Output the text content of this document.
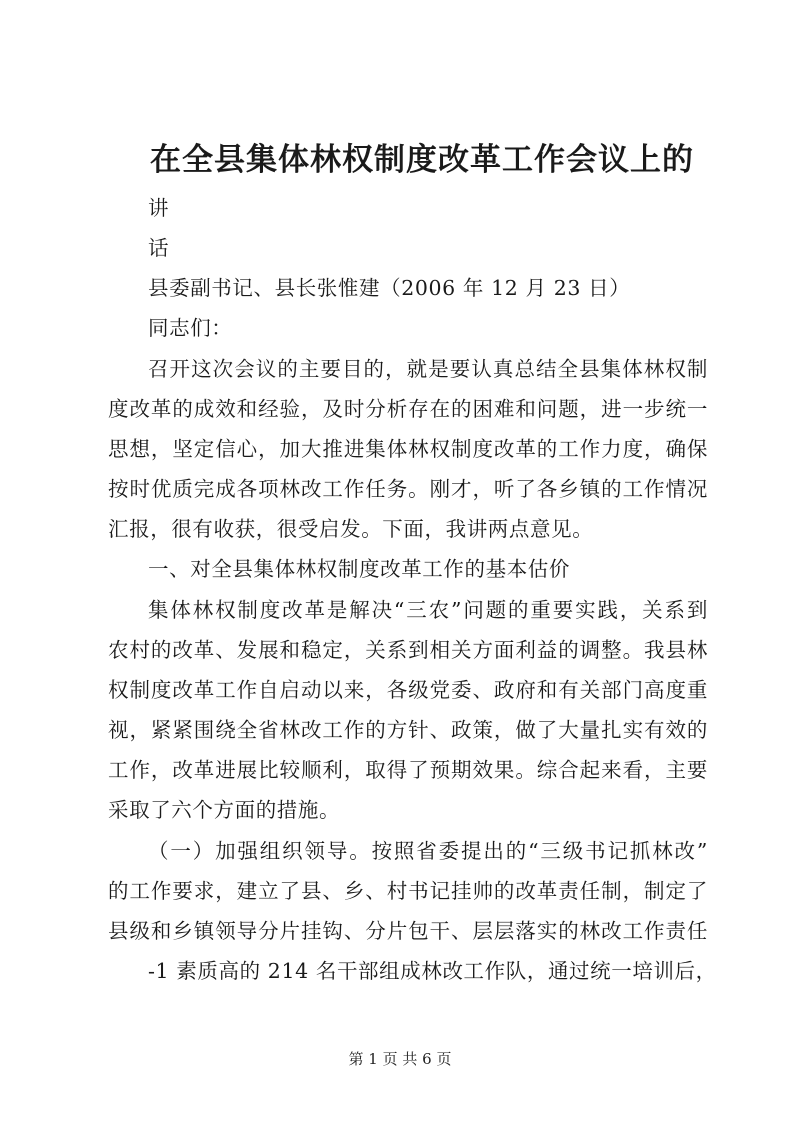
在全县集体林权制度改革工作会议上的
讲
话
县委副书记、县长张惟建（2006 年 12 月 23 日）
同志们：
召开这次会议的主要目的，就是要认真总结全县集体林权制
度改革的成效和经验，及时分析存在的困难和问题，进一步统一
思想，坚定信心，加大推进集体林权制度改革的工作力度，确保
按时优质完成各项林改工作任务。刚才，听了各乡镇的工作情况
汇报，很有收获，很受启发。下面，我讲两点意见。
一、对全县集体林权制度改革工作的基本估价
集体林权制度改革是解决“三农”问题的重要实践，关系到
农村的改革、发展和稳定，关系到相关方面利益的调整。我县林
权制度改革工作自启动以来，各级党委、政府和有关部门高度重
视，紧紧围绕全省林改工作的方针、政策，做了大量扎实有效的
工作，改革进展比较顺利，取得了预期效果。综合起来看，主要
采取了六个方面的措施。
（一）加强组织领导。按照省委提出的“三级书记抓林改”
的工作要求，建立了县、乡、村书记挂帅的改革责任制，制定了
县级和乡镇领导分片挂钩、分片包干、层层落实的林改工作责任
-1 素质高的 214 名干部组成林改工作队，通过统一培训后，
第 1 页 共 6 页
